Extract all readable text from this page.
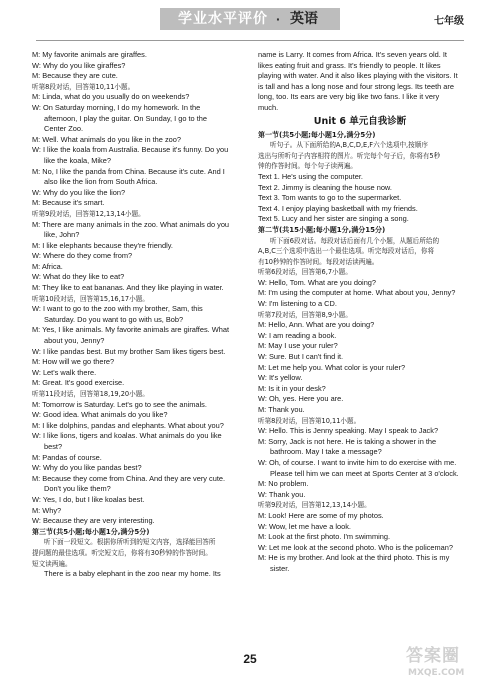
学业水平评价 · 英语	七年级
M: My favorite animals are giraffes.
W: Why do you like giraffes?
M: Because they are cute.
听第8段对话，回答第10,11小题。
M: Linda, what do you usually do on weekends?
W: On Saturday morning, I do my homework. In the
afternoon, I play the guitar. On Sunday, I go to the
Center Zoo.
M: Well. What animals do you like in the zoo?
W: I like the koala from Australia. Because it's funny. Do you
like the koala, Mike?
M: No, I like the panda from China. Because it's cute. And I
also like the lion from South Africa.
W: Why do you like the lion?
M: Because it's smart.
听第9段对话，回答第12,13,14小题。
M: There are many animals in the zoo. What animals do you
like, John?
M: I like elephants because they're friendly.
W: Where do they come from?
M: Africa.
W: What do they like to eat?
M: They like to eat bananas. And they like playing in water.
听第10段对话，回答第15,16,17小题。
W: I want to go to the zoo with my brother, Sam, this
Saturday. Do you want to go with us, Bob?
M: Yes, I like animals. My favorite animals are giraffes. What
about you, Jenny?
W: I like pandas best. But my brother Sam likes tigers best.
M: How will we go there?
W: Let's walk there.
M: Great. It's good exercise.
听第11段对话，回答第18,19,20小题。
M: Tomorrow is Saturday. Let's go to see the animals.
W: Good idea. What animals do you like?
M: I like dolphins, pandas and elephants. What about you?
W: I like lions, tigers and koalas. What animals do you like
best?
M: Pandas of course.
W: Why do you like pandas best?
M: Because they come from China. And they are very cute.
Don't you like them?
W: Yes, I do, but I like koalas best.
M: Why?
W: Because they are very interesting.
第三节(共5小题;每小题1分,满分5分)
听下面一段短文。根据你所听到的短文内容，选择能回答所
提问题的最佳选项。听完短文后，你将有30秒钟的作答时间。
短文读两遍。
There is a baby elephant in the zoo near my home. Its
name is Larry. It comes from Africa. It's seven years old. It
likes eating fruit and grass. It's friendly to people. It likes
playing with water. And it also likes playing with the visitors. It
is tall and has a long nose and four strong legs. Its teeth are
long, too. Its ears are very big like two fans. I like it very
much.
Unit 6 单元自我诊断
第一节(共5小题;每小题1分,满分5分)
听句子。从下面所给的A,B,C,D,E,F六个选项中,按顺序
选出与所听句子内容相符的图片。听完每个句子后，你将有5秒
钟的作答时间。每个句子读两遍。
Text 1. He's using the computer.
Text 2. Jimmy is cleaning the house now.
Text 3. Tom wants to go to the supermarket.
Text 4. I enjoy playing basketball with my friends.
Text 5. Lucy and her sister are singing a song.
第二节(共15小题;每小题1分,满分15分)
听下面6段对话。每段对话后面有几个小题，从题后所给的
A,B,C三个选项中选出一个最佳选项。听完每段对话后，你将
有10秒钟的作答时间。每段对话读两遍。
听第6段对话，回答第6,7小题。
W: Hello, Tom. What are you doing?
M: I'm using the computer at home. What about you, Jenny?
W: I'm listening to a CD.
听第7段对话，回答第8,9小题。
M: Hello, Ann. What are you doing?
W: I am reading a book.
M: May I use your ruler?
W: Sure. But I can't find it.
M: Let me help you. What color is your ruler?
W: It's yellow.
M: Is it in your desk?
W: Oh, yes. Here you are.
M: Thank you.
听第8段对话，回答第10,11小题。
W: Hello. This is Jenny speaking. May I speak to Jack?
M: Sorry, Jack is not here. He is taking a shower in the
bathroom. May I take a message?
W: Oh, of course. I want to invite him to do exercise with me.
Please tell him we can meet at Sports Center at 3 o'clock.
M: No problem.
W: Thank you.
听第9段对话，回答第12,13,14小题。
M: Look! Here are some of my photos.
W: Wow, let me have a look.
M: Look at the first photo. I'm swimming.
W: Let me look at the second photo. Who is the policeman?
M: He is my brother. And look at the third photo. This is my
sister.
25	答案圈
MXQE.COM
